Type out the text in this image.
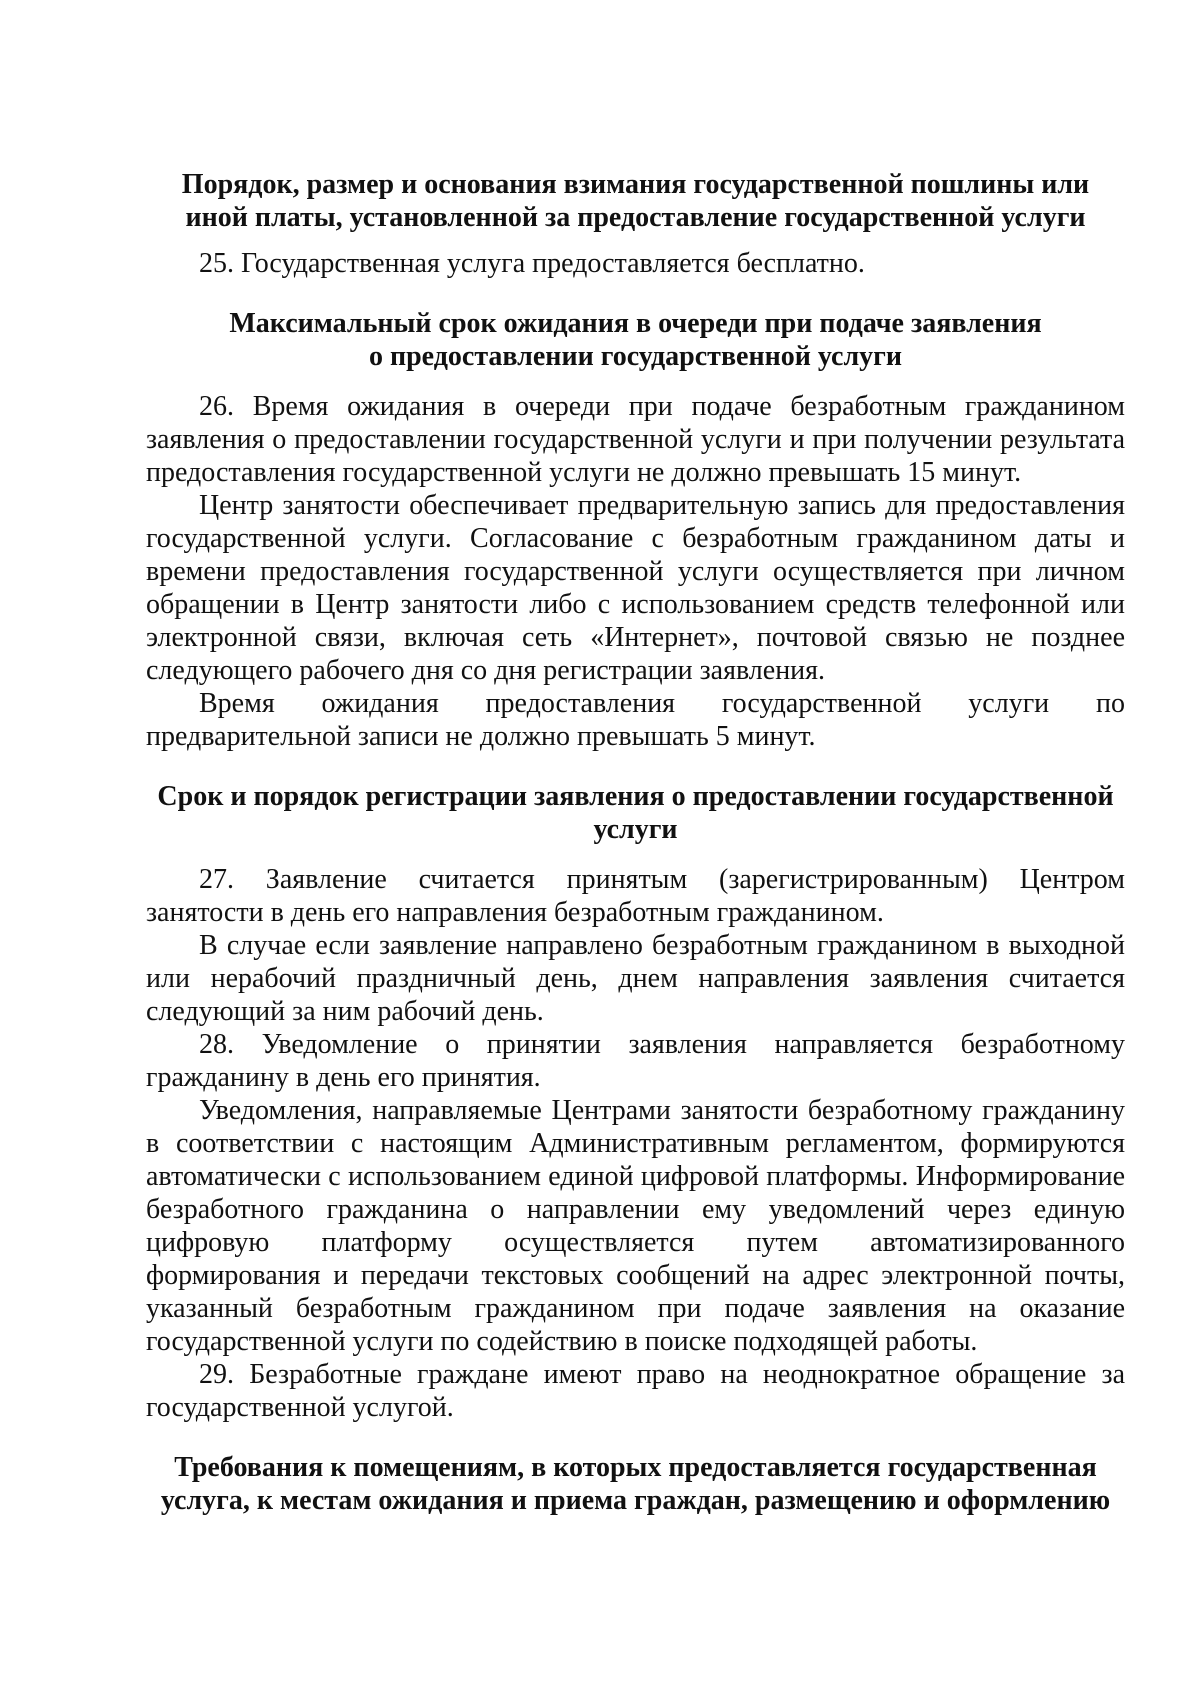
Порядок, размер и основания взимания государственной пошлины или
иной платы, установленной за предоставление государственной услуги

25. Государственная услуга предоставляется бесплатно.

Максимальный срок ожидания в очереди при подаче заявления
о предоставлении государственной услуги

26. Время ожидания в очереди при подаче безработным гражданином заявления о предоставлении государственной услуги и при получении результата предоставления государственной услуги не должно превышать 15 минут.

Центр занятости обеспечивает предварительную запись для предоставления государственной услуги. Согласование с безработным гражданином даты и времени предоставления государственной услуги осуществляется при личном обращении в Центр занятости либо с использованием средств телефонной или электронной связи, включая сеть «Интернет», почтовой связью не позднее следующего рабочего дня со дня регистрации заявления.

Время ожидания предоставления государственной услуги по предварительной записи не должно превышать 5 минут.

Срок и порядок регистрации заявления о предоставлении государственной
услуги

27. Заявление считается принятым (зарегистрированным) Центром занятости в день его направления безработным гражданином.

В случае если заявление направлено безработным гражданином в выходной или нерабочий праздничный день, днем направления заявления считается следующий за ним рабочий день.

28. Уведомление о принятии заявления направляется безработному гражданину в день его принятия.

Уведомления, направляемые Центрами занятости безработному гражданину в соответствии с настоящим Административным регламентом, формируются автоматически с использованием единой цифровой платформы. Информирование безработного гражданина о направлении ему уведомлений через единую цифровую платформу осуществляется путем автоматизированного формирования и передачи текстовых сообщений на адрес электронной почты, указанный безработным гражданином при подаче заявления на оказание государственной услуги по содействию в поиске подходящей работы.

29. Безработные граждане имеют право на неоднократное обращение за государственной услугой.

Требования к помещениям, в которых предоставляется государственная
услуга, к местам ожидания и приема граждан, размещению и оформлению
